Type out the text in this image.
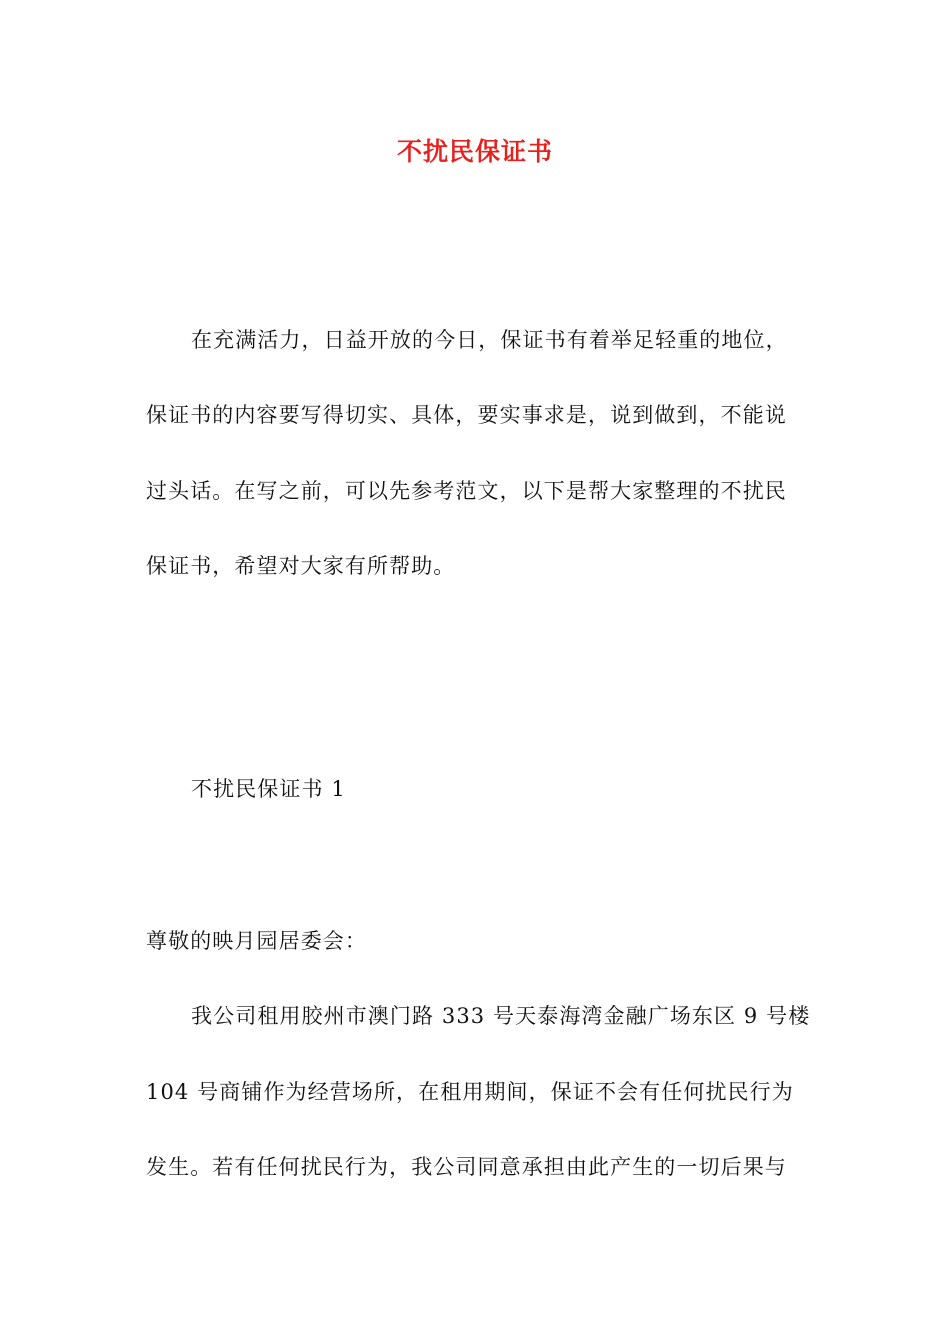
不扰民保证书
在充满活力，日益开放的今日，保证书有着举足轻重的地位，
保证书的内容要写得切实、具体，要实事求是，说到做到，不能说
过头话。在写之前，可以先参考范文，以下是帮大家整理的不扰民
保证书，希望对大家有所帮助。
不扰民保证书 1
尊敬的映月园居委会：
我公司租用胶州市澳门路 333 号天泰海湾金融广场东区 9 号楼
104 号商铺作为经营场所，在租用期间，保证不会有任何扰民行为
发生。若有任何扰民行为，我公司同意承担由此产生的一切后果与
